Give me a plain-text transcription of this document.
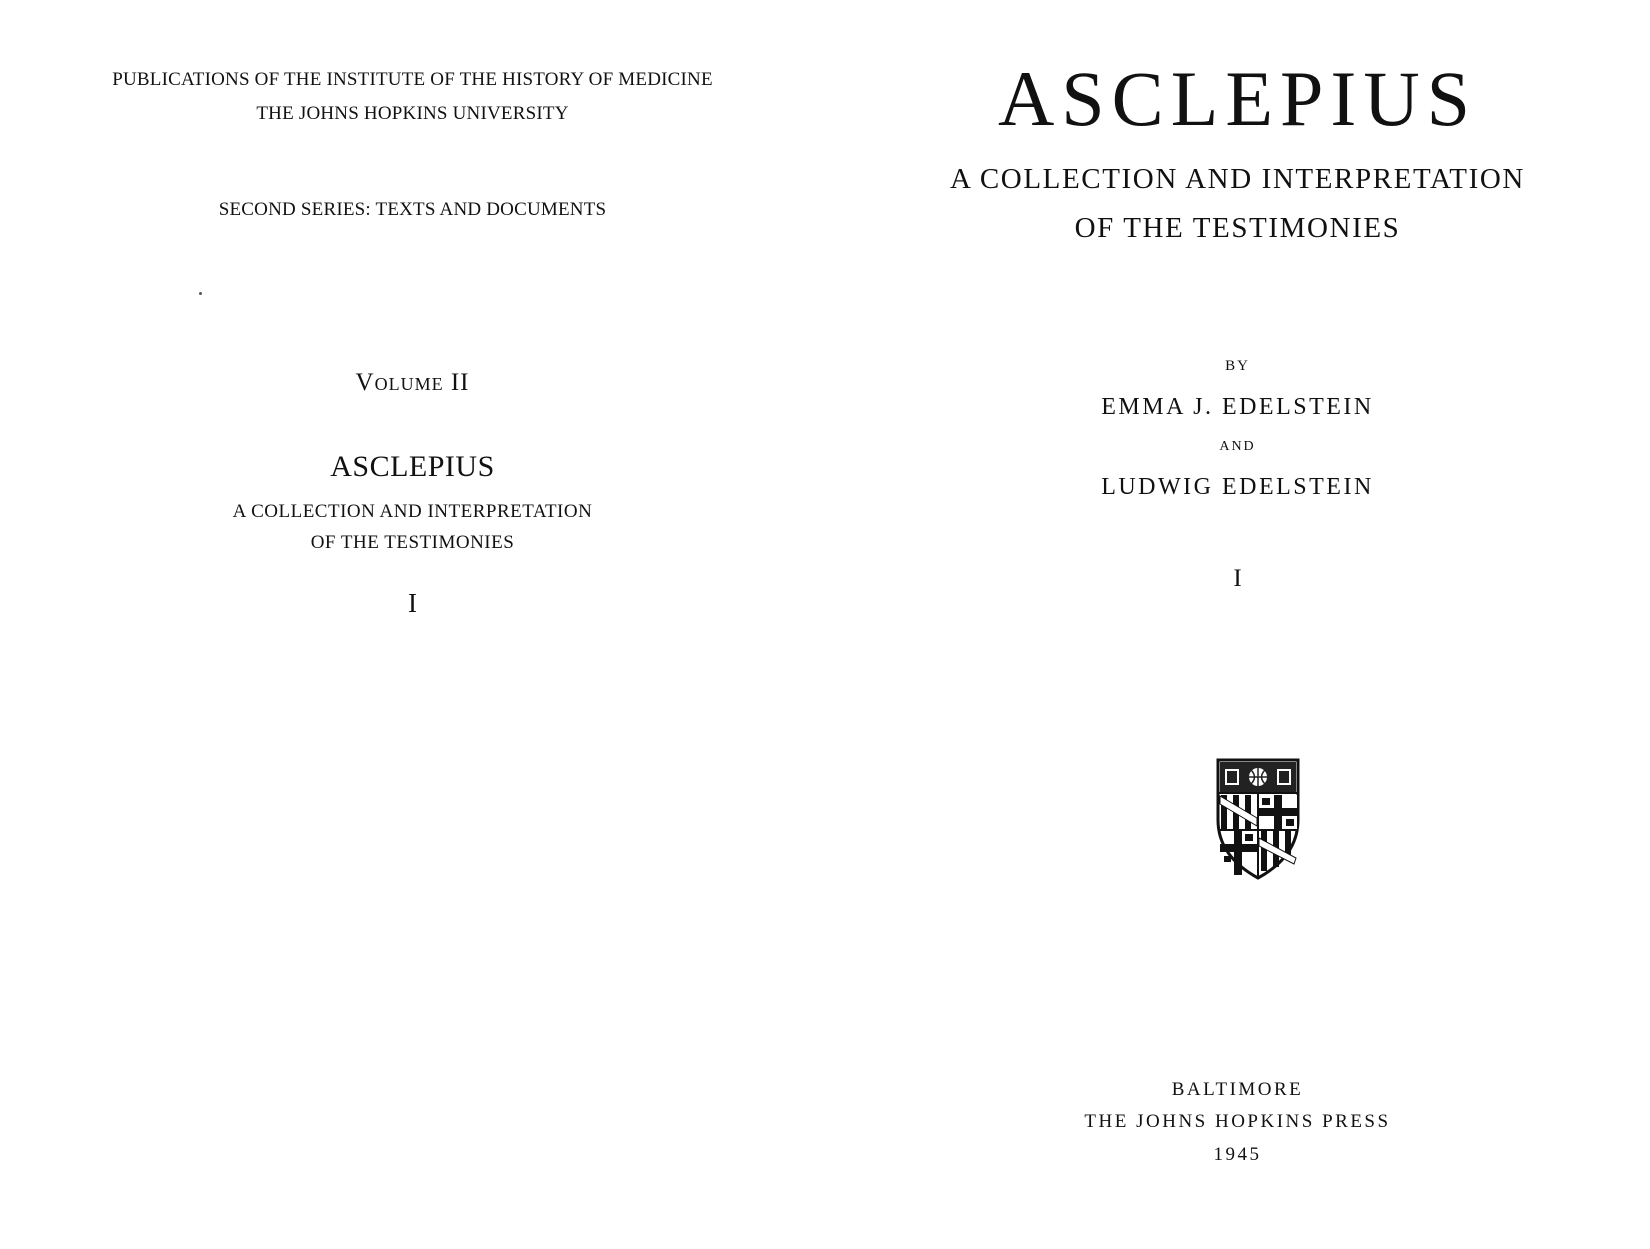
PUBLICATIONS OF THE INSTITUTE OF THE HISTORY OF MEDICINE
THE JOHNS HOPKINS UNIVERSITY
SECOND SERIES: TEXTS AND DOCUMENTS
Volume II
ASCLEPIUS
A COLLECTION AND INTERPRETATION
OF THE TESTIMONIES
I
ASCLEPIUS
A COLLECTION AND INTERPRETATION
OF THE TESTIMONIES
BY
EMMA J. EDELSTEIN
AND
LUDWIG EDELSTEIN
I
BALTIMORE
THE JOHNS HOPKINS PRESS
1945
